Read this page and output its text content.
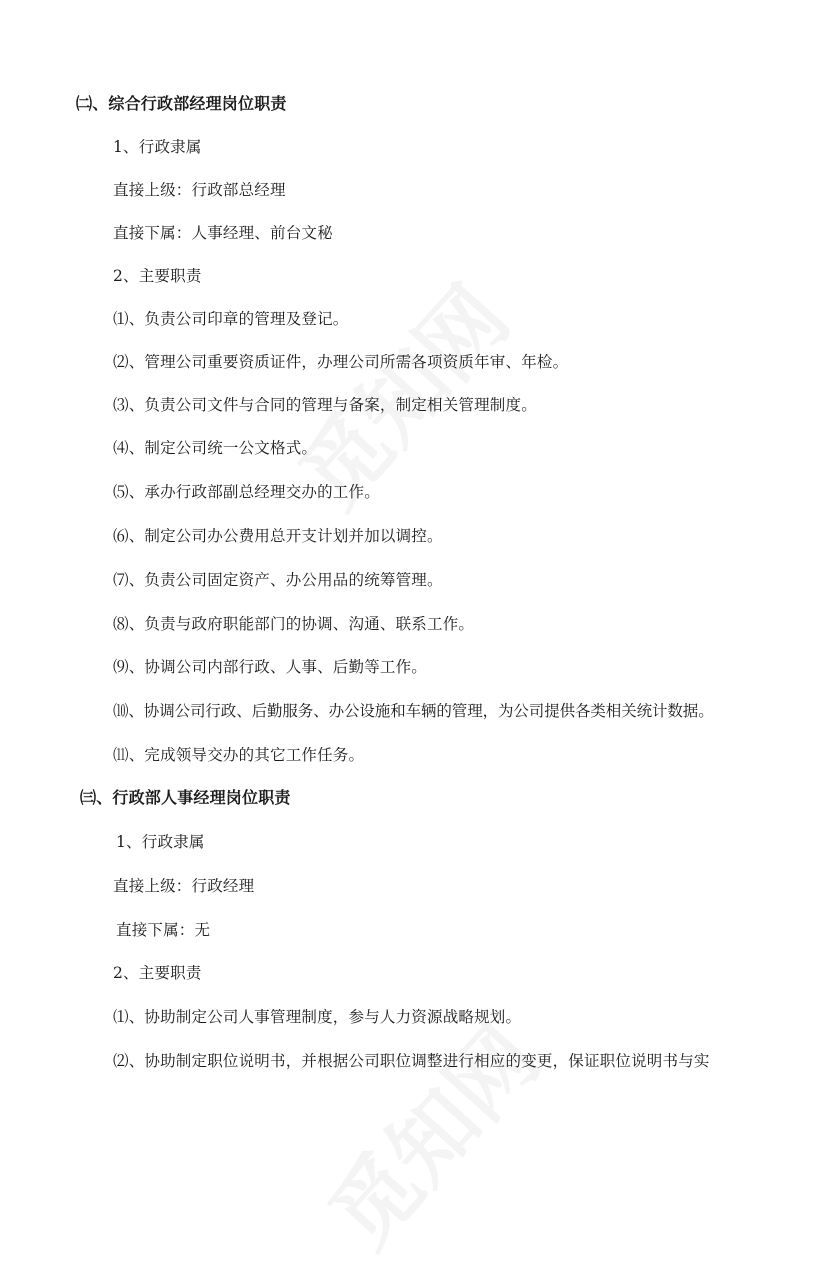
㈡、综合行政部经理岗位职责
1、行政隶属
直接上级：行政部总经理
直接下属：人事经理、前台文秘
2、主要职责
⑴、负责公司印章的管理及登记。
⑵、管理公司重要资质证件，办理公司所需各项资质年审、年检。
⑶、负责公司文件与合同的管理与备案，制定相关管理制度。
⑷、制定公司统一公文格式。
⑸、承办行政部副总经理交办的工作。
⑹、制定公司办公费用总开支计划并加以调控。
⑺、负责公司固定资产、办公用品的统筹管理。
⑻、负责与政府职能部门的协调、沟通、联系工作。
⑼、协调公司内部行政、人事、后勤等工作。
⑽、协调公司行政、后勤服务、办公设施和车辆的管理，为公司提供各类相关统计数据。
⑾、完成领导交办的其它工作任务。
㈢、行政部人事经理岗位职责
1、行政隶属
直接上级：行政经理
直接下属：无
2、主要职责
⑴、协助制定公司人事管理制度，参与人力资源战略规划。
⑵、协助制定职位说明书，并根据公司职位调整进行相应的变更，保证职位说明书与实
